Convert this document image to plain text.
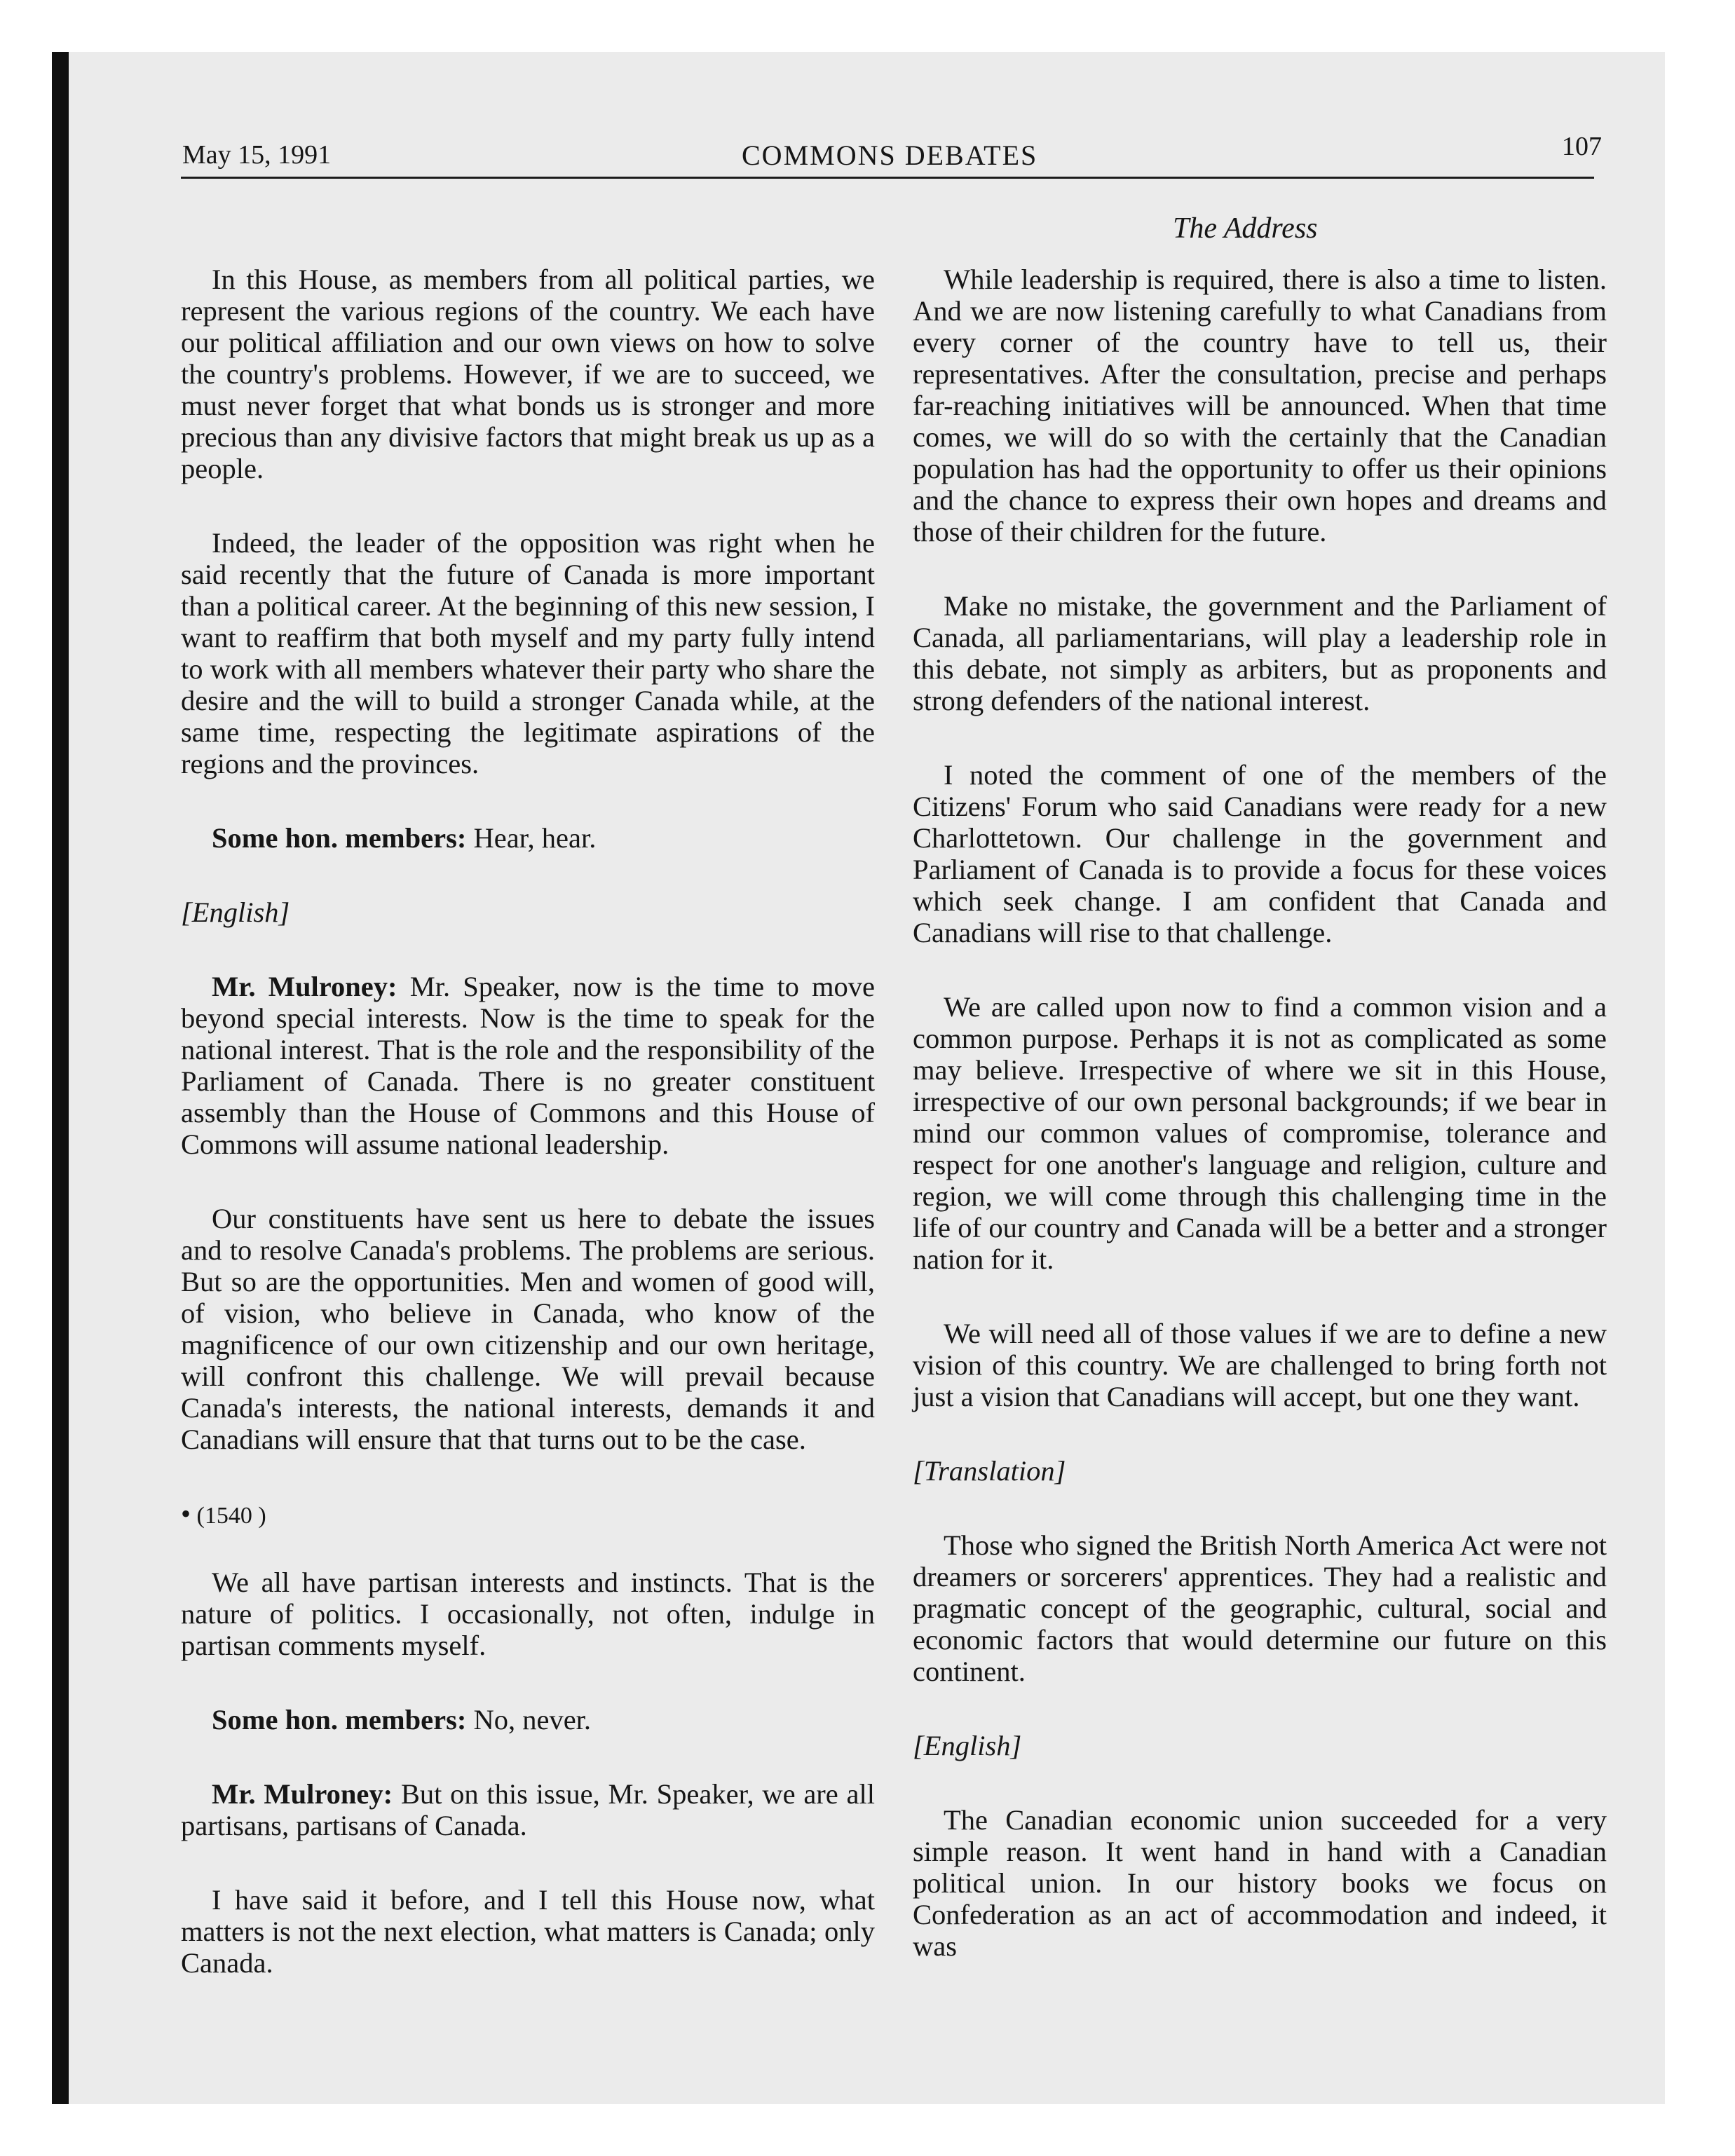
May 15, 1991	COMMONS DEBATES	107
The Address

In this House, as members from all political parties, we represent the various regions of the country. We each have our political affiliation and our own views on how to solve the country's problems. However, if we are to succeed, we must never forget that what bonds us is stronger and more precious than any divisive factors that might break us up as a people.

Indeed, the leader of the opposition was right when he said recently that the future of Canada is more important than a political career. At the beginning of this new session, I want to reaffirm that both myself and my party fully intend to work with all members whatever their party who share the desire and the will to build a stronger Canada while, at the same time, respecting the legitimate aspirations of the regions and the provinces.

Some hon. members: Hear, hear.

[English]

Mr. Mulroney: Mr. Speaker, now is the time to move beyond special interests. Now is the time to speak for the national interest. That is the role and the responsibility of the Parliament of Canada. There is no greater constituent assembly than the House of Commons and this House of Commons will assume national leadership.

Our constituents have sent us here to debate the issues and to resolve Canada's problems. The problems are serious. But so are the opportunities. Men and women of good will, of vision, who believe in Canada, who know of the magnificence of our own citizenship and our own heritage, will confront this challenge. We will prevail because Canada's interests, the national interests, demands it and Canadians will ensure that that turns out to be the case.

• (1540 )

We all have partisan interests and instincts. That is the nature of politics. I occasionally, not often, indulge in partisan comments myself.

Some hon. members: No, never.

Mr. Mulroney: But on this issue, Mr. Speaker, we are all partisans, partisans of Canada.

I have said it before, and I tell this House now, what matters is not the next election, what matters is Canada; only Canada.

While leadership is required, there is also a time to listen. And we are now listening carefully to what Canadians from every corner of the country have to tell us, their representatives. After the consultation, precise and perhaps far-reaching initiatives will be announced. When that time comes, we will do so with the certainly that the Canadian population has had the opportunity to offer us their opinions and the chance to express their own hopes and dreams and those of their children for the future.

Make no mistake, the government and the Parliament of Canada, all parliamentarians, will play a leadership role in this debate, not simply as arbiters, but as proponents and strong defenders of the national interest.

I noted the comment of one of the members of the Citizens' Forum who said Canadians were ready for a new Charlottetown. Our challenge in the government and Parliament of Canada is to provide a focus for these voices which seek change. I am confident that Canada and Canadians will rise to that challenge.

We are called upon now to find a common vision and a common purpose. Perhaps it is not as complicated as some may believe. Irrespective of where we sit in this House, irrespective of our own personal backgrounds; if we bear in mind our common values of compromise, tolerance and respect for one another's language and religion, culture and region, we will come through this challenging time in the life of our country and Canada will be a better and a stronger nation for it.

We will need all of those values if we are to define a new vision of this country. We are challenged to bring forth not just a vision that Canadians will accept, but one they want.

[Translation]

Those who signed the British North America Act were not dreamers or sorcerers' apprentices. They had a realistic and pragmatic concept of the geographic, cultural, social and economic factors that would determine our future on this continent.

[English]

The Canadian economic union succeeded for a very simple reason. It went hand in hand with a Canadian political union. In our history books we focus on Confederation as an act of accommodation and indeed, it was
